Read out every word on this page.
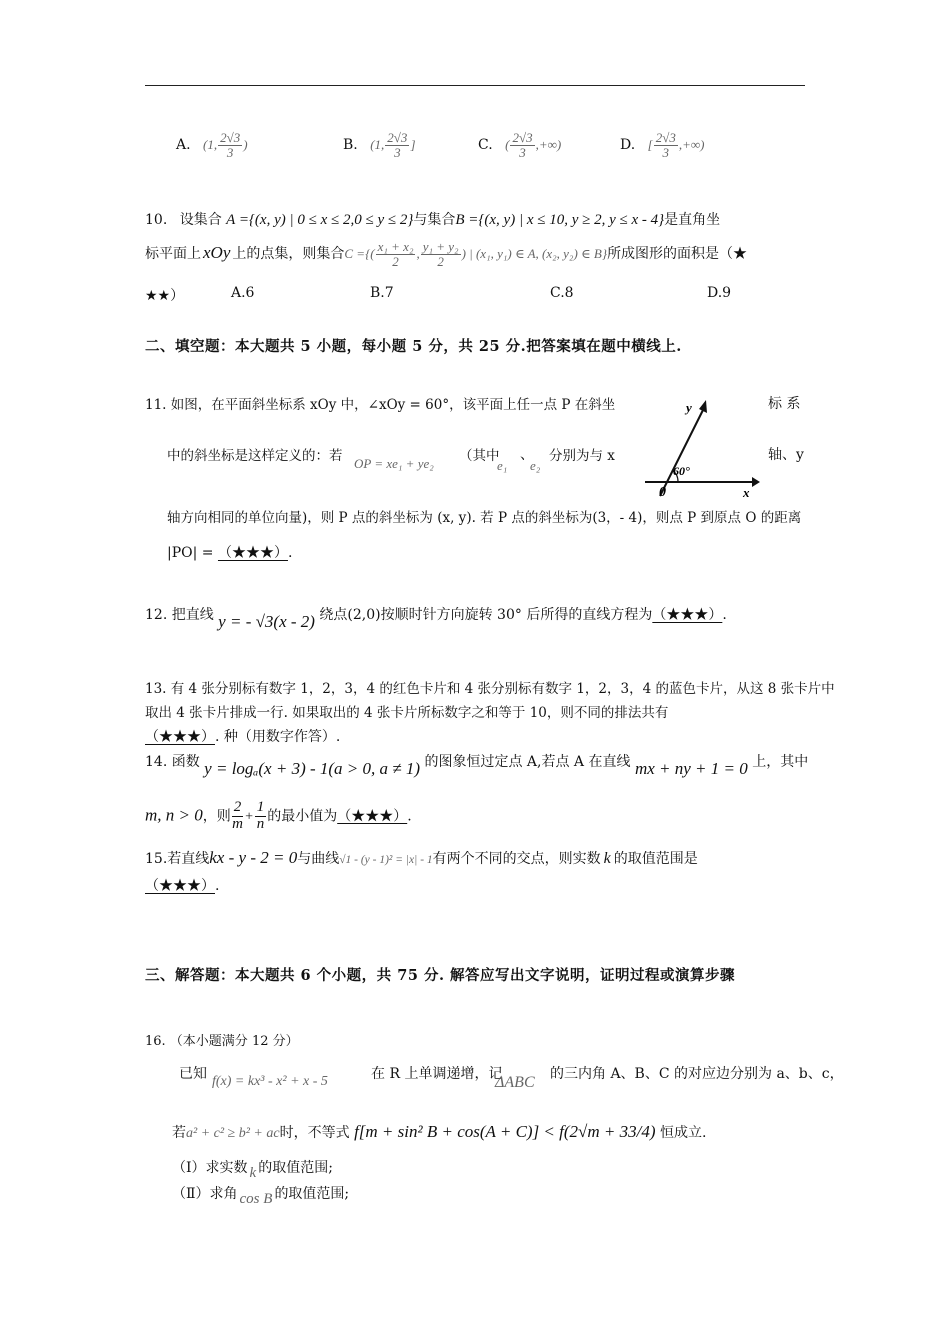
A. (1, $\frac{2√3}{3}$ )	B. (1, $\frac{2√3}{3}$ ]	C. ( $\frac{2√3}{3}$ ,+∞)	D. [ $\frac{2√3}{3}$ ,+∞)
10. 设集合 A ={(x, y) | 0 ≤ x ≤ 2,0 ≤ y ≤ 2}与集合B ={(x, y) | x ≤ 10, y ≥ 2, y ≤ x - 4}是直角坐
标平面上 xOy 上的点集，则集合C ={( $\frac{\text{x₁ + x₂}}{2}$ , $\frac{\text{y₁ + y₂}}{2}$ ) | (x₁, y₁) ∈ A, (x₂, y₂) ∈ B}所成图形的面积是（★
★★）	A.6	B.7	C.8	D.9
二、填空题：本大题共 5 小题，每小题 5 分，共 25 分.把答案填在题中横线上.
11. 如图，在平面斜坐标系 xOy 中，∠xOy = 60°，该平面上任一点 P 在斜坐	标 系
中的斜坐标是这样定义的：若 OP = xe₁ + ye₂ （其中
e₁
、
e₂
分别为与 x	轴、y
轴方向相同的单位向量)，则 P 点的斜坐标为 (x, y). 若 P 点的斜坐标为(3，- 4)，则点 P 到原点 O 的距离
|PO| = （★★★）.
y
x
0
60°
12. 把直线 y = - √3(x - 2) 绕点(2,0)按顺时针方向旋转 30° 后所得的直线方程为（★★★）.
13. 有 4 张分别标有数字 1，2，3，4 的红色卡片和 4 张分别标有数字 1，2，3，4 的蓝色卡片，从这 8 张卡片中
取出 4 张卡片排成一行. 如果取出的 4 张卡片所标数字之和等于 10，则不同的排法共有
（★★★）. 种（用数字作答）.
14. 函数 y = logₐ(x + 3) - 1(a > 0, a ≠ 1) 的图象恒过定点 A,若点 A 在直线 mx + ny + 1 = 0 上，其中
m, n > 0，则 $\frac{2}{m} + \frac{1}{n}$ 的最小值为（★★★）.
15.若直线kx - y - 2 = 0与曲线√1 - (y - 1)² = |x| - 1有两个不同的交点，则实数 k 的取值范围是
（★★★）.
三、解答题：本大题共 6 个小题，共 75 分. 解答应写出文字说明，证明过程或演算步骤
16. （本小题满分 12 分）
已知 f(x) = kx³ - x² + x - 5	在 R 上单调递增，记
ΔABC 的三内角 A、B、C 的对应边分别为 a、b、c，
若a² + c² ≥ b² + ac时，不等式 f[m + sin² B + cos(A + C)] < f(2√m + 33/4) 恒成立.
（Ⅰ）求实数 k 的取值范围;
（Ⅱ）求角 cos B 的取值范围;
